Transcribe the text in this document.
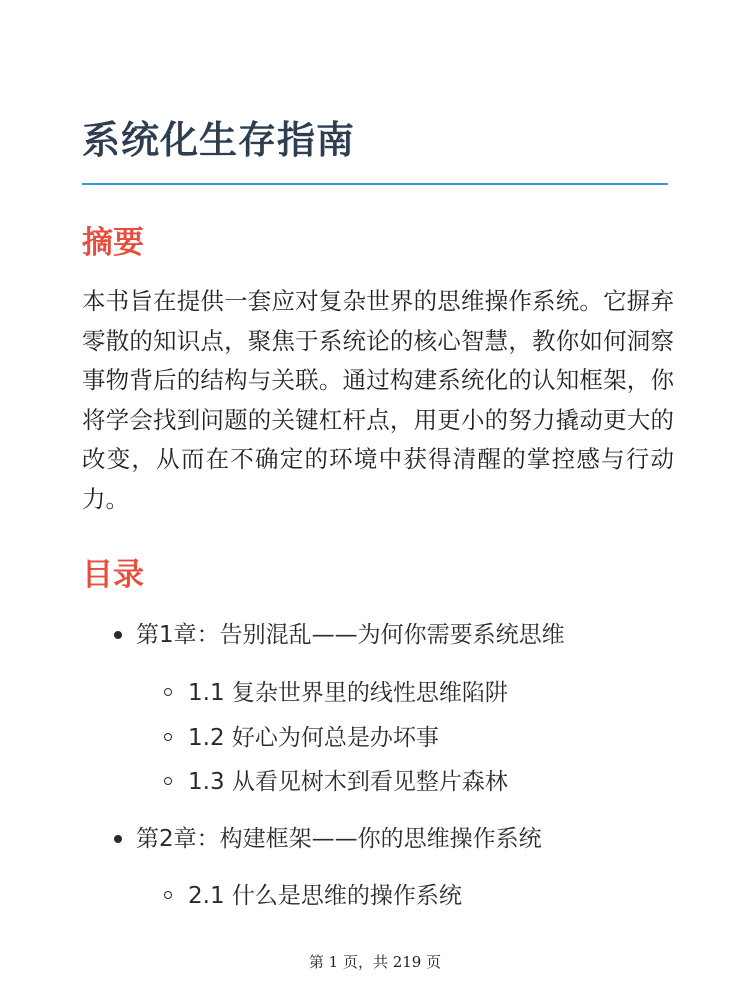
系统化生存指南
摘要

本书旨在提供一套应对复杂世界的思维操作系统。它摒弃零散的知识点，聚焦于系统论的核心智慧，教你如何洞察事物背后的结构与关联。通过构建系统化的认知框架，你将学会找到问题的关键杠杆点，用更小的努力撬动更大的改变，从而在不确定的环境中获得清醒的掌控感与行动力。

目录
第1章：告别混乱——为何你需要系统思维
1.1 复杂世界里的线性思维陷阱
1.2 好心为何总是办坏事
1.3 从看见树木到看见整片森林
第2章：构建框架——你的思维操作系统
2.1 什么是思维的操作系统
第 1 页，共 219 页
